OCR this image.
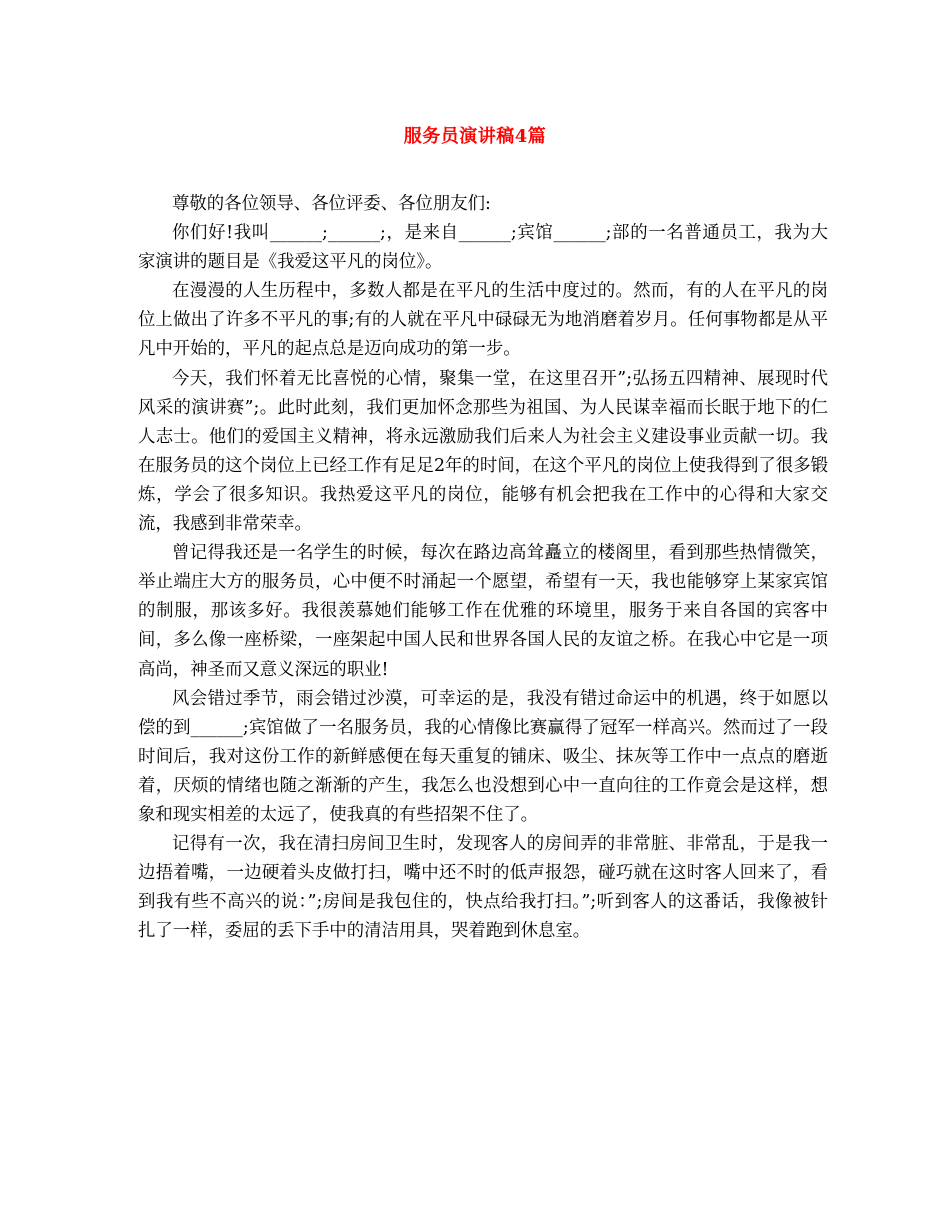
服务员演讲稿4篇

尊敬的各位领导、各位评委、各位朋友们:

你们好!我叫______;______;，是来自______;宾馆______;部的一名普通员工，我为大家演讲的题目是《我爱这平凡的岗位》。

在漫漫的人生历程中，多数人都是在平凡的生活中度过的。然而，有的人在平凡的岗位上做出了许多不平凡的事;有的人就在平凡中碌碌无为地消磨着岁月。任何事物都是从平凡中开始的，平凡的起点总是迈向成功的第一步。

今天，我们怀着无比喜悦的心情，聚集一堂，在这里召开”;弘扬五四精神、展现时代风采的演讲赛”;。此时此刻，我们更加怀念那些为祖国、为人民谋幸福而长眠于地下的仁人志士。他们的爱国主义精神，将永远激励我们后来人为社会主义建设事业贡献一切。我在服务员的这个岗位上已经工作有足足2年的时间，在这个平凡的岗位上使我得到了很多锻炼，学会了很多知识。我热爱这平凡的岗位，能够有机会把我在工作中的心得和大家交流，我感到非常荣幸。

曾记得我还是一名学生的时候，每次在路边高耸矗立的楼阁里，看到那些热情微笑，举止端庄大方的服务员，心中便不时涌起一个愿望，希望有一天，我也能够穿上某家宾馆的制服，那该多好。我很羡慕她们能够工作在优雅的环境里，服务于来自各国的宾客中间，多么像一座桥梁，一座架起中国人民和世界各国人民的友谊之桥。在我心中它是一项高尚，神圣而又意义深远的职业!

风会错过季节，雨会错过沙漠，可幸运的是，我没有错过命运中的机遇，终于如愿以偿的到______;宾馆做了一名服务员，我的心情像比赛赢得了冠军一样高兴。然而过了一段时间后，我对这份工作的新鲜感便在每天重复的铺床、吸尘、抹灰等工作中一点点的磨逝着，厌烦的情绪也随之渐渐的产生，我怎么也没想到心中一直向往的工作竟会是这样，想象和现实相差的太远了，使我真的有些招架不住了。

记得有一次，我在清扫房间卫生时，发现客人的房间弄的非常脏、非常乱，于是我一边捂着嘴，一边硬着头皮做打扫，嘴中还不时的低声报怨，碰巧就在这时客人回来了，看到我有些不高兴的说：”;房间是我包住的，快点给我打扫。”;听到客人的这番话，我像被针扎了一样，委屈的丢下手中的清洁用具，哭着跑到休息室。
